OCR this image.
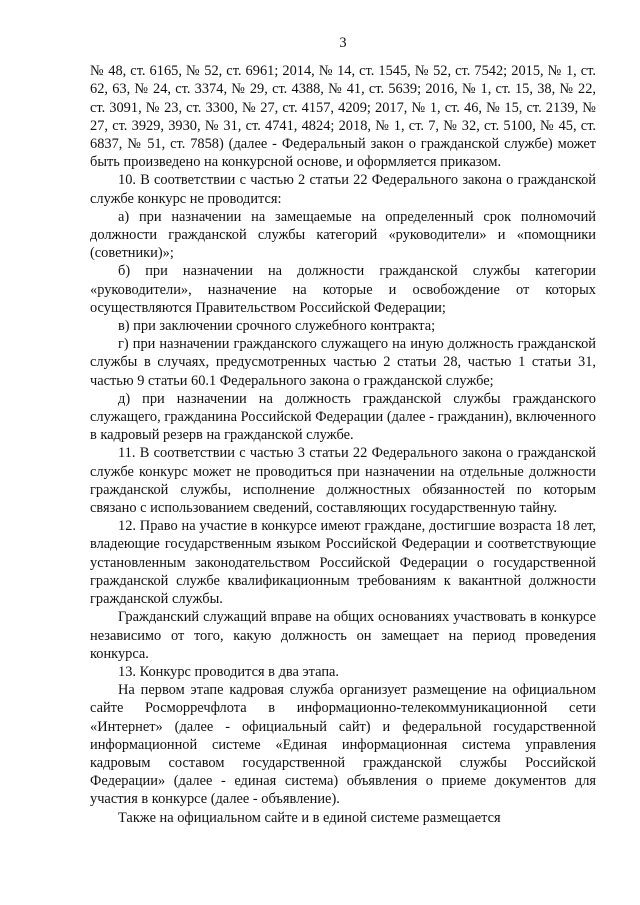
3

№ 48, ст. 6165, № 52, ст. 6961; 2014, № 14, ст. 1545, № 52, ст. 7542; 2015, № 1, ст. 62, 63, № 24, ст. 3374, № 29, ст. 4388, № 41, ст. 5639; 2016, № 1, ст. 15, 38, № 22, ст. 3091, № 23, ст. 3300, № 27, ст. 4157, 4209; 2017, № 1, ст. 46, № 15, ст. 2139, № 27, ст. 3929, 3930, № 31, ст. 4741, 4824; 2018, № 1, ст. 7, № 32, ст. 5100, № 45, ст. 6837, № 51, ст. 7858) (далее - Федеральный закон о гражданской службе) может быть произведено на конкурсной основе, и оформляется приказом.

10. В соответствии с частью 2 статьи 22 Федерального закона о гражданской службе конкурс не проводится:

а) при назначении на замещаемые на определенный срок полномочий должности гражданской службы категорий «руководители» и «помощники (советники)»;

б) при назначении на должности гражданской службы категории «руководители», назначение на которые и освобождение от которых осуществляются Правительством Российской Федерации;

в) при заключении срочного служебного контракта;

г) при назначении гражданского служащего на иную должность гражданской службы в случаях, предусмотренных частью 2 статьи 28, частью 1 статьи 31, частью 9 статьи 60.1 Федерального закона о гражданской службе;

д) при назначении на должность гражданской службы гражданского служащего, гражданина Российской Федерации (далее - гражданин), включенного в кадровый резерв на гражданской службе.

11. В соответствии с частью 3 статьи 22 Федерального закона о гражданской службе конкурс может не проводиться при назначении на отдельные должности гражданской службы, исполнение должностных обязанностей по которым связано с использованием сведений, составляющих государственную тайну.

12. Право на участие в конкурсе имеют граждане, достигшие возраста 18 лет, владеющие государственным языком Российской Федерации и соответствующие установленным законодательством Российской Федерации о государственной гражданской службе квалификационным требованиям к вакантной должности гражданской службы.

Гражданский служащий вправе на общих основаниях участвовать в конкурсе независимо от того, какую должность он замещает на период проведения конкурса.

13. Конкурс проводится в два этапа.

На первом этапе кадровая служба организует размещение на официальном сайте Росморречфлота в информационно-телекоммуникационной сети «Интернет» (далее - официальный сайт) и федеральной государственной информационной системе «Единая информационная система управления кадровым составом государственной гражданской службы Российской Федерации» (далее - единая система) объявления о приеме документов для участия в конкурсе (далее - объявление).

Также на официальном сайте и в единой системе размещается
